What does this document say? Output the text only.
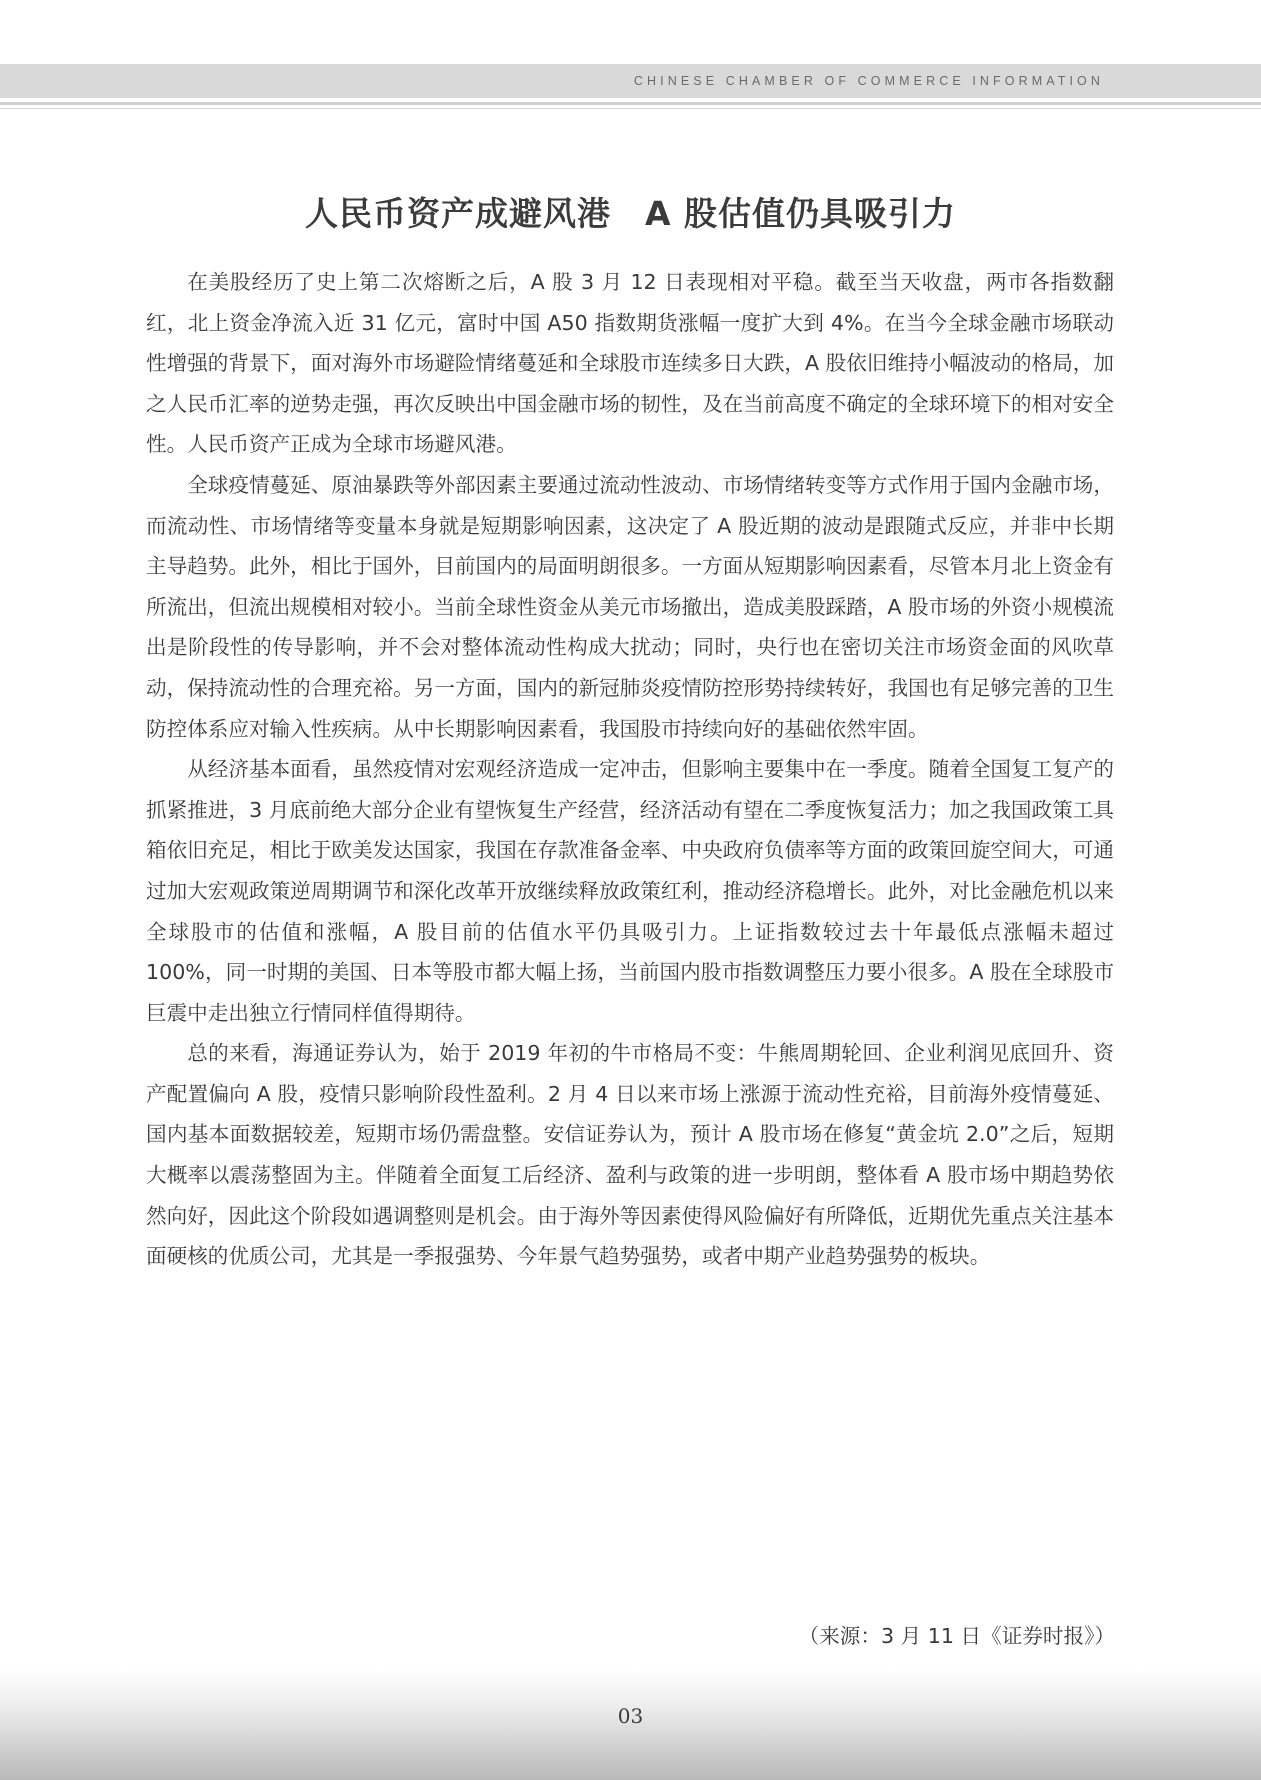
CHINESE CHAMBER OF COMMERCE INFORMATION
人民币资产成避风港　A 股估值仍具吸引力

在美股经历了史上第二次熔断之后，A 股 3 月 12 日表现相对平稳。截至当天收盘，两市各指数翻红，北上资金净流入近 31 亿元，富时中国 A50 指数期货涨幅一度扩大到 4%。在当今全球金融市场联动性增强的背景下，面对海外市场避险情绪蔓延和全球股市连续多日大跌，A 股依旧维持小幅波动的格局，加之人民币汇率的逆势走强，再次反映出中国金融市场的韧性，及在当前高度不确定的全球环境下的相对安全性。人民币资产正成为全球市场避风港。

全球疫情蔓延、原油暴跌等外部因素主要通过流动性波动、市场情绪转变等方式作用于国内金融市场，而流动性、市场情绪等变量本身就是短期影响因素，这决定了 A 股近期的波动是跟随式反应，并非中长期主导趋势。此外，相比于国外，目前国内的局面明朗很多。一方面从短期影响因素看，尽管本月北上资金有所流出，但流出规模相对较小。当前全球性资金从美元市场撤出，造成美股踩踏，A 股市场的外资小规模流出是阶段性的传导影响，并不会对整体流动性构成大扰动；同时，央行也在密切关注市场资金面的风吹草动，保持流动性的合理充裕。另一方面，国内的新冠肺炎疫情防控形势持续转好，我国也有足够完善的卫生防控体系应对输入性疾病。从中长期影响因素看，我国股市持续向好的基础依然牢固。

从经济基本面看，虽然疫情对宏观经济造成一定冲击，但影响主要集中在一季度。随着全国复工复产的抓紧推进，3 月底前绝大部分企业有望恢复生产经营，经济活动有望在二季度恢复活力；加之我国政策工具箱依旧充足，相比于欧美发达国家，我国在存款准备金率、中央政府负债率等方面的政策回旋空间大，可通过加大宏观政策逆周期调节和深化改革开放继续释放政策红利，推动经济稳增长。此外，对比金融危机以来全球股市的估值和涨幅，A 股目前的估值水平仍具吸引力。上证指数较过去十年最低点涨幅未超过 100%，同一时期的美国、日本等股市都大幅上扬，当前国内股市指数调整压力要小很多。A 股在全球股市巨震中走出独立行情同样值得期待。

总的来看，海通证券认为，始于 2019 年初的牛市格局不变：牛熊周期轮回、企业利润见底回升、资产配置偏向 A 股，疫情只影响阶段性盈利。2 月 4 日以来市场上涨源于流动性充裕，目前海外疫情蔓延、国内基本面数据较差，短期市场仍需盘整。安信证券认为，预计 A 股市场在修复“黄金坑 2.0”之后，短期大概率以震荡整固为主。伴随着全面复工后经济、盈利与政策的进一步明朗，整体看 A 股市场中期趋势依然向好，因此这个阶段如遇调整则是机会。由于海外等因素使得风险偏好有所降低，近期优先重点关注基本面硬核的优质公司，尤其是一季报强势、今年景气趋势强势，或者中期产业趋势强势的板块。

（来源：3 月 11 日《证券时报》）
03
